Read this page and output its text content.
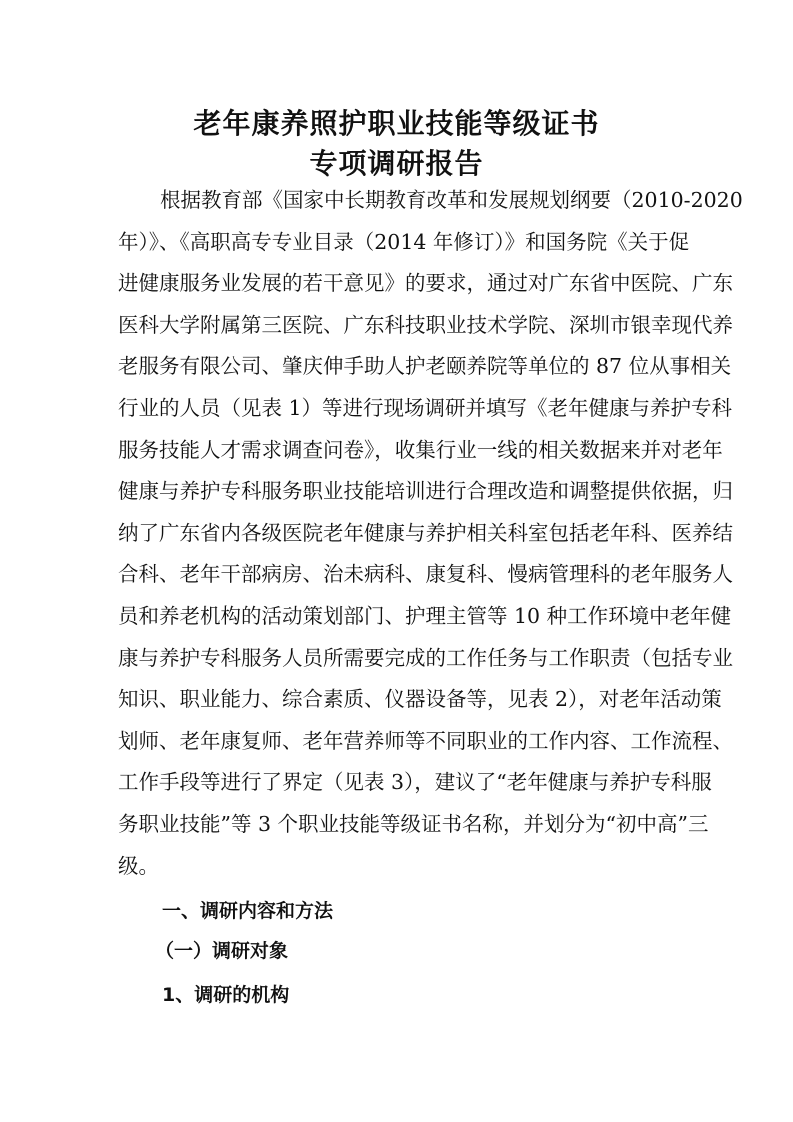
老年康养照护职业技能等级证书
专项调研报告
根据教育部《国家中长期教育改革和发展规划纲要（2010-2020
年）》、《高职高专专业目录（2014 年修订）》和国务院《关于促
进健康服务业发展的若干意见》的要求，通过对广东省中医院、广东
医科大学附属第三医院、广东科技职业技术学院、深圳市银幸现代养
老服务有限公司、肇庆伸手助人护老颐养院等单位的 87 位从事相关
行业的人员（见表 1）等进行现场调研并填写《老年健康与养护专科
服务技能人才需求调查问卷》，收集行业一线的相关数据来并对老年
健康与养护专科服务职业技能培训进行合理改造和调整提供依据，归
纳了广东省内各级医院老年健康与养护相关科室包括老年科、医养结
合科、老年干部病房、治未病科、康复科、慢病管理科的老年服务人
员和养老机构的活动策划部门、护理主管等 10 种工作环境中老年健
康与养护专科服务人员所需要完成的工作任务与工作职责（包括专业
知识、职业能力、综合素质、仪器设备等，见表 2），对老年活动策
划师、老年康复师、老年营养师等不同职业的工作内容、工作流程、
工作手段等进行了界定（见表 3），建议了“老年健康与养护专科服
务职业技能”等 3 个职业技能等级证书名称，并划分为“初中高”三
级。
一、调研内容和方法
（一）调研对象
1、调研的机构
